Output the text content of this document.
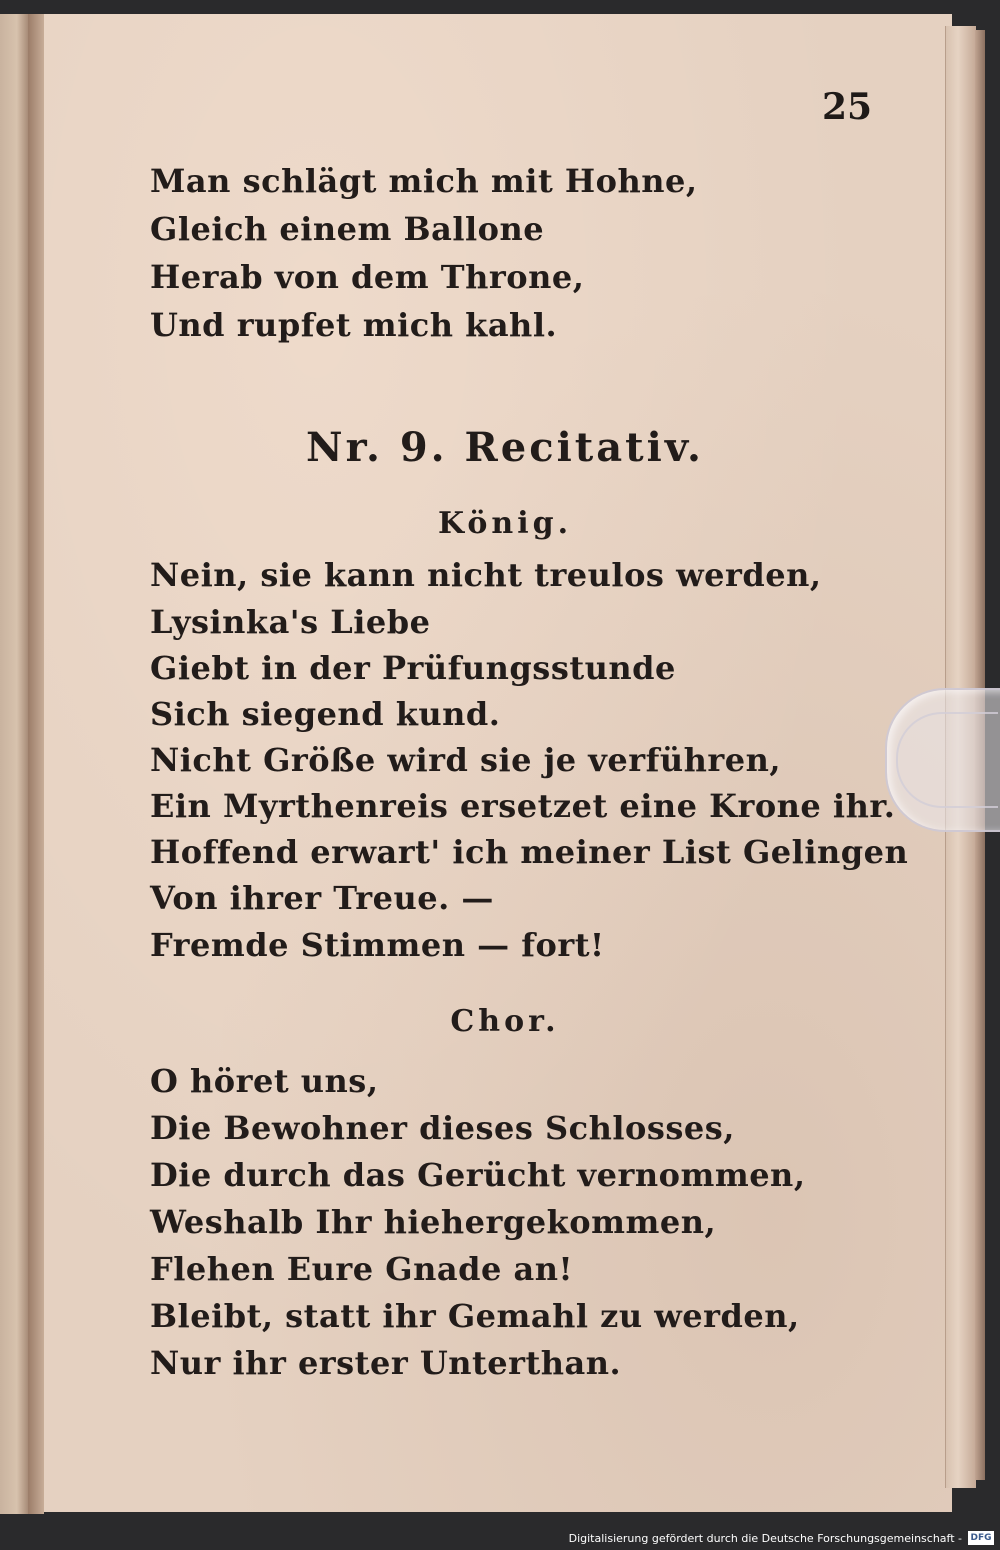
25
Man schlägt mich mit Hohne,
Gleich einem Ballone
Herab von dem Throne,
Und rupfet mich kahl.
Nr. 9. Recitativ.
König.
Nein, sie kann nicht treulos werden,
Lysinka's Liebe
Giebt in der Prüfungsstunde
Sich siegend kund.
Nicht Größe wird sie je verführen,
Ein Myrthenreis ersetzet eine Krone ihr.
Hoffend erwart' ich meiner List Gelingen
Von ihrer Treue. —
Fremde Stimmen — fort!
Chor.
O höret uns,
Die Bewohner dieses Schlosses,
Die durch das Gerücht vernommen,
Weshalb Ihr hiehergekommen,
Flehen Eure Gnade an!
Bleibt, statt ihr Gemahl zu werden,
Nur ihr erster Unterthan.
Digitalisierung gefördert durch die Deutsche Forschungsgemeinschaft - DFG
